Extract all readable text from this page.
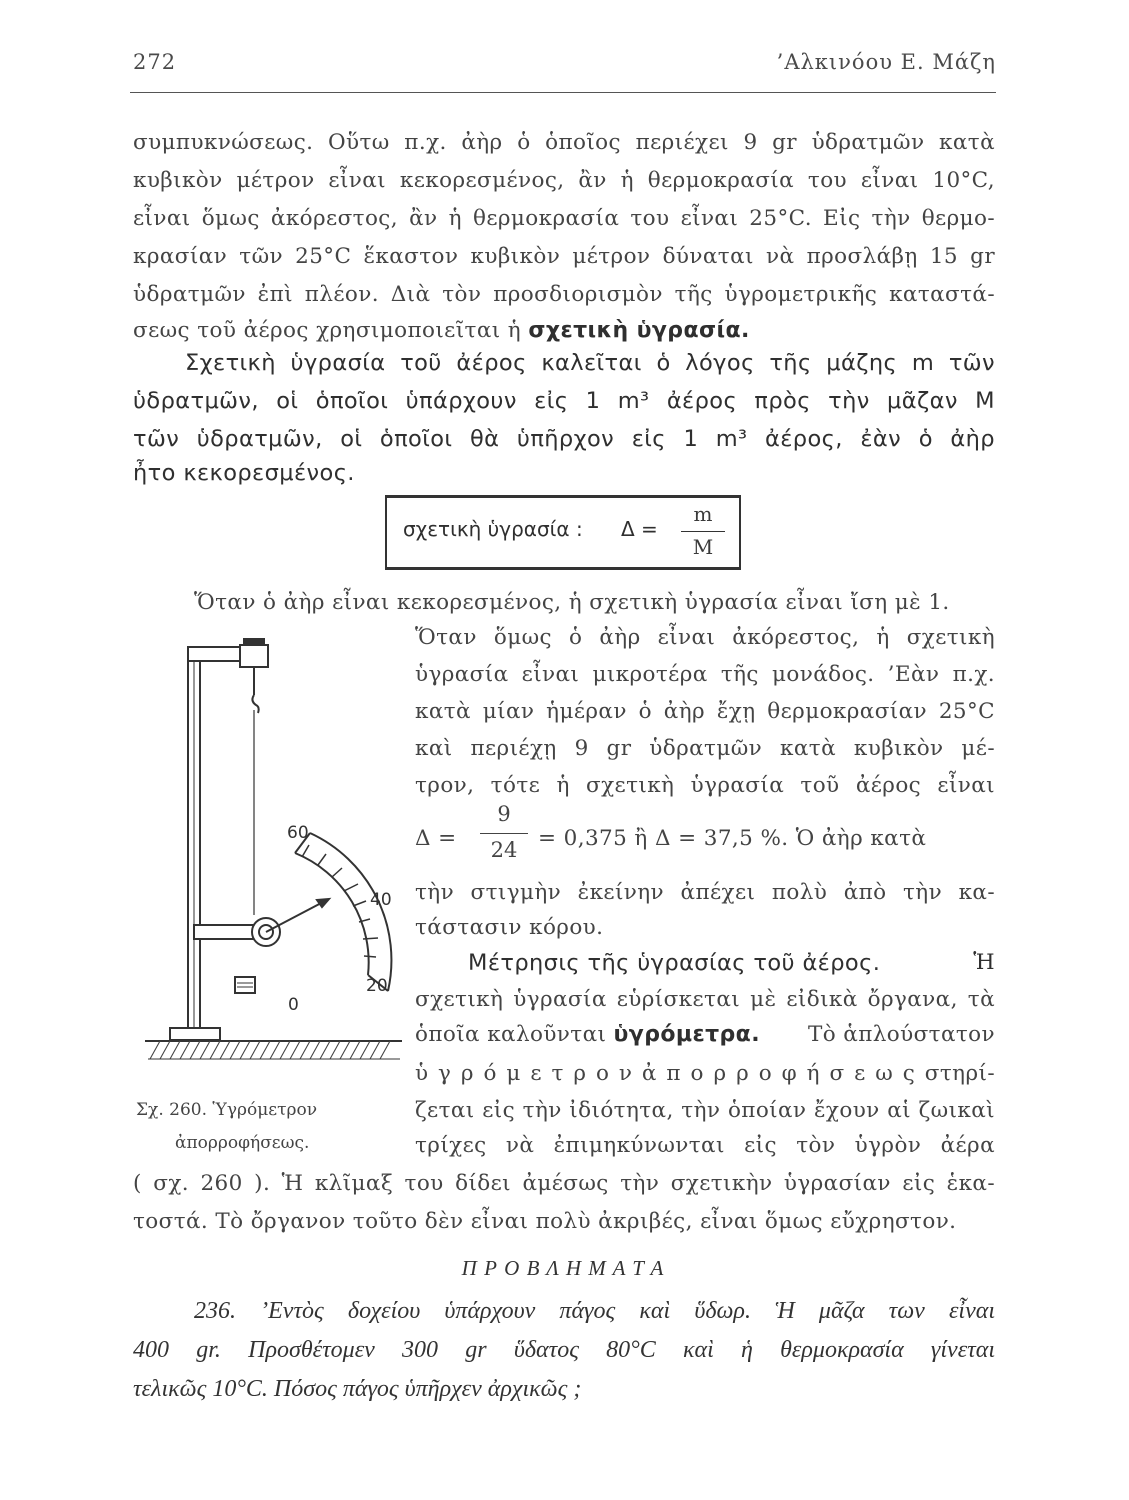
272	’Αλκινόου Ε. Μάζη
συμπυκνώσεως. Οὕτω π.χ. ἀὴρ ὁ ὁποῖος περιέχει 9 gr ὑδρατμῶν κατὰ
κυβικὸν μέτρον εἶναι κεκορεσμένος, ἂν ἡ θερμοκρασία του εἶναι 10°C,
εἶναι ὅμως ἀκόρεστος, ἂν ἡ θερμοκρασία του εἶναι 25°C. Εἰς τὴν θερμο-
κρασίαν τῶν 25°C ἕκαστον κυβικὸν μέτρον δύναται νὰ προσλάβῃ 15 gr
ὑδρατμῶν ἐπὶ πλέον. Διὰ τὸν προσδιορισμὸν τῆς ὑγρομετρικῆς καταστά-
σεως τοῦ ἀέρος χρησιμοποιεῖται ἡ σχετικὴ ὑγρασία.
Σχετικὴ ὑγρασία τοῦ ἀέρος καλεῖται ὁ λόγος τῆς μάζης m τῶν
ὑδρατμῶν, οἱ ὁποῖοι ὑπάρχουν εἰς 1 m³ ἀέρος πρὸς τὴν μᾶζαν Μ
τῶν ὑδρατμῶν, οἱ ὁποῖοι θὰ ὑπῆρχον εἰς 1 m³ ἀέρος, ἐὰν ὁ ἀὴρ
ἦτο κεκορεσμένος.
σχετικὴ ὑγρασία : Δ =
m
M
Ὅταν ὁ ἀὴρ εἶναι κεκορεσμένος, ἡ σχετικὴ ὑγρασία εἶναι ἴση μὲ 1.
Ὅταν ὅμως ὁ ἀὴρ εἶναι ἀκόρεστος, ἡ σχετικὴ
ὑγρασία εἶναι μικροτέρα τῆς μονάδος. ’Εὰν π.χ.
κατὰ μίαν ἡμέραν ὁ ἀὴρ ἔχῃ θερμοκρασίαν 25°C
καὶ περιέχῃ 9 gr ὑδρατμῶν κατὰ κυβικὸν μέ-
τρον, τότε ἡ σχετικὴ ὑγρασία τοῦ ἀέρος εἶναι
Δ =
9
24 = 0,375 ἢ Δ = 37,5 %. Ὁ ἀὴρ κατὰ
τὴν στιγμὴν ἐκείνην ἀπέχει πολὺ ἀπὸ τὴν κα-
τάστασιν κόρου.
Μέτρησις τῆς ὑγρασίας τοῦ ἀέρος.	Ἡ
σχετικὴ ὑγρασία εὑρίσκεται μὲ εἰδικὰ ὄργανα, τὰ
ὁποῖα καλοῦνται ὑγρόμετρα. Τὸ ἁπλούστατον
ὑ γ ρ ό μ ε τ ρ ο ν ἀ π ο ρ ρ ο φ ή σ ε ω ς στηρί-
ζεται εἰς τὴν ἰδιότητα, τὴν ὁποίαν ἔχουν αἱ ζωικαὶ
τρίχες νὰ ἐπιμηκύνωνται εἰς τὸν ὑγρὸν ἀέρα
( σχ. 260 ). Ἡ κλῖμαξ του δίδει ἀμέσως τὴν σχετικὴν ὑγρασίαν εἰς ἑκα-
τοστά. Τὸ ὄργανον τοῦτο δὲν εἶναι πολὺ ἀκριβές, εἶναι ὅμως εὔχρηστον.
60
40
20
0
Σχ. 260. Ὑγρόμετρον
ἀπορροφήσεως.
Π Ρ Ο Β Λ Η Μ Α Τ Α
236. ’Εντὸς δοχείου ὑπάρχουν πάγος καὶ ὕδωρ. Ἡ μᾶζα των εἶναι
400 gr. Προσθέτομεν 300 gr ὕδατος 80°C καὶ ἡ θερμοκρασία γίνεται
τελικῶς 10°C. Πόσος πάγος ὑπῆρχεν ἀρχικῶς ;
